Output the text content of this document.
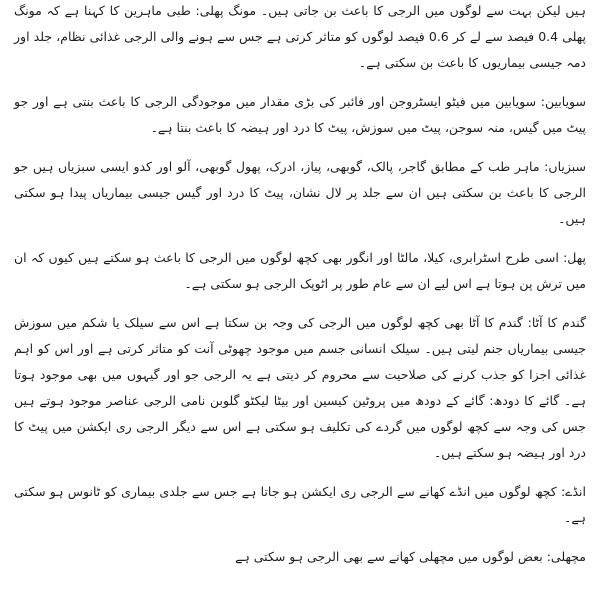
ہیں لیکن بہت سے لوگوں میں الرجی کا باعث بن جاتی ہیں۔ مونگ پھلی: طبی ماہرین کا کہنا ہے کہ مونگ پھلی 0.4 فیصد سے لے کر 0.6 فیصد لوگوں کو متاثر کرتی ہے جس سے ہونے والی الرجی غذائی نظام، جلد اور دمہ جیسی بیماریوں کا باعث بن سکتی ہے۔

سویابین: سویابین میں فیٹو ایسٹروجن اور فائبر کی بڑی مقدار میں موجودگی الرجی کا باعث بنتی ہے اور جو پیٹ میں گیس، منہ سوجن، پیٹ میں سوزش، پیٹ کا درد اور ہیضہ کا باعث بنتا ہے۔

سبزیاں: ماہر طب کے مطابق گاجر، پالک، گوبھی، پیاز، ادرک، پھول گوبھی، آلو اور کدو ایسی سبزیاں ہیں جو الرجی کا باعث بن سکتی ہیں ان سے جلد پر لال نشان، پیٹ کا درد اور گیس جیسی بیماریاں پیدا ہو سکتی ہیں۔

پھل: اسی طرح اسٹرابری، کیلا، مالٹا اور انگور بھی کچھ لوگوں میں الرجی کا باعث ہو سکتے ہیں کیوں کہ ان میں ترش پن ہوتا ہے اس لیے ان سے عام طور پر اٹوپک الرجی ہو سکتی ہے۔

گندم کا آٹا: گندم کا آٹا بھی کچھ لوگوں میں الرجی کی وجہ بن سکتا ہے اس سے سیلک یا شکم میں سوزش جیسی بیماریاں جنم لیتی ہیں۔ سیلک انسانی جسم میں موجود چھوٹی آنت کو متاثر کرتی ہے اور اس کو اہم غذائی اجزا کو جذب کرنے کی صلاحیت سے محروم کر دیتی ہے یہ الرجی جو اور گیہوں میں بھی موجود ہوتا ہے۔ گائے کا دودھ: گائے کے دودھ میں پروٹین کیسین اور بیٹا لیکٹو گلوبن نامی الرجی عناصر موجود ہوتے ہیں جس کی وجہ سے کچھ لوگوں میں گردے کی تکلیف ہو سکتی ہے اس سے دیگر الرجی ری ایکشن میں پیٹ کا درد اور ہیضہ ہو سکتے ہیں۔

انڈے: کچھ لوگوں میں انڈے کھانے سے الرجی ری ایکشن ہو جاتا ہے جس سے جلدی بیماری کو ٹانوس ہو سکتی ہے۔

مچھلی: بعض لوگوں میں مچھلی کھانے سے بھی الرجی ہو سکتی ہے
